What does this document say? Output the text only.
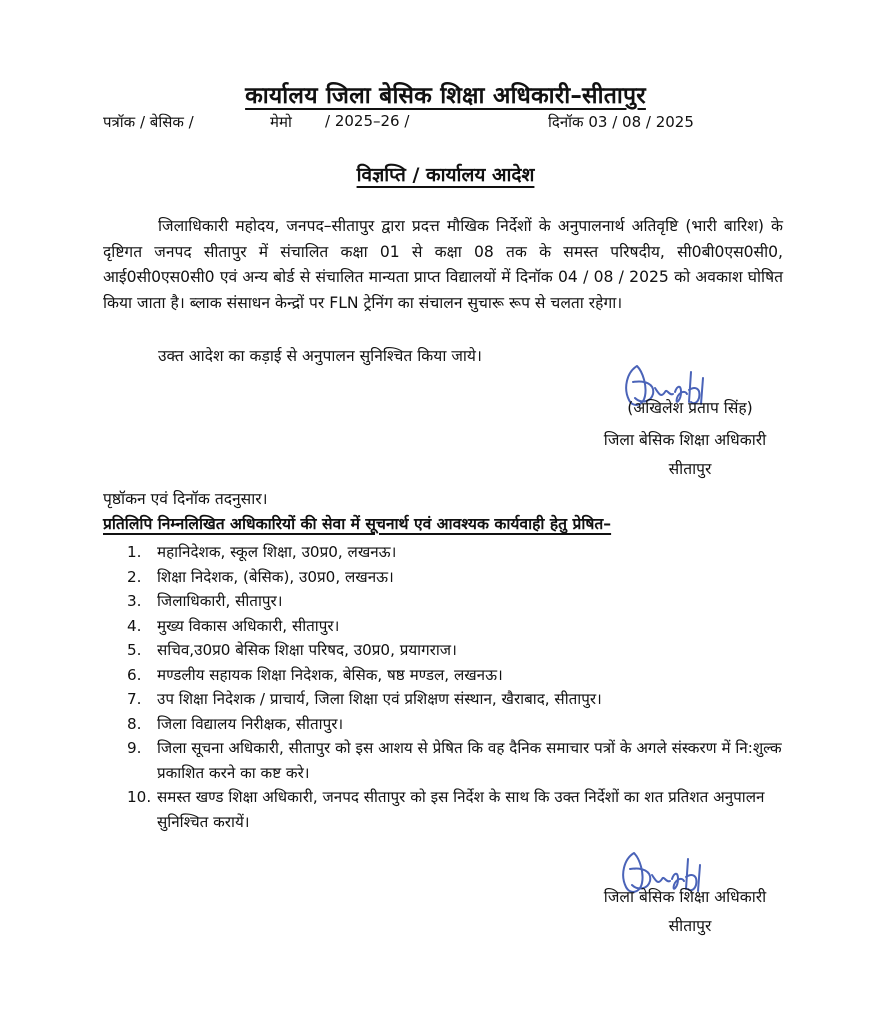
कार्यालय जिला बेसिक शिक्षा अधिकारी–सीतापुर
पत्रॉक / बेसिक /	मेमो / 2025–26 /	दिनॉक 03 / 08 / 2025
विज्ञप्ति / कार्यालय आदेश

जिलाधिकारी महोदय, जनपद–सीतापुर द्वारा प्रदत्त मौखिक निर्देशों के अनुपालनार्थ अतिवृष्टि (भारी बारिश) के दृष्टिगत जनपद सीतापुर में संचालित कक्षा 01 से कक्षा 08 तक के समस्त परिषदीय, सी0बी0एस0सी0, आई0सी0एस0सी0 एवं अन्य बोर्ड से संचालित मान्यता प्राप्त विद्यालयों में दिनॉक 04 / 08 / 2025 को अवकाश घोषित किया जाता है। ब्लाक संसाधन केन्द्रों पर FLN ट्रेनिंग का संचालन सुचारू रूप से चलता रहेगा।

उक्त आदेश का कड़ाई से अनुपालन सुनिश्चित किया जाये।
(अखिलेश प्रताप सिंह)
जिला बेसिक शिक्षा अधिकारी
सीतापुर
पृष्ठॉकन एवं दिनॉक तदनुसार।
प्रतिलिपि निम्नलिखित अधिकारियों की सेवा में सूचनार्थ एवं आवश्यक कार्यवाही हेतु प्रेषित–
1.	महानिदेशक, स्कूल शिक्षा, उ0प्र0, लखनऊ।
2.	शिक्षा निदेशक, (बेसिक), उ0प्र0, लखनऊ।
3.	जिलाधिकारी, सीतापुर।
4.	मुख्य विकास अधिकारी, सीतापुर।
5.	सचिव,उ0प्र0 बेसिक शिक्षा परिषद, उ0प्र0, प्रयागराज।
6.	मण्डलीय सहायक शिक्षा निदेशक, बेसिक, षष्ठ मण्डल, लखनऊ।
7.	उप शिक्षा निदेशक / प्राचार्य, जिला शिक्षा एवं प्रशिक्षण संस्थान, खैराबाद, सीतापुर।
8.	जिला विद्यालय निरीक्षक, सीतापुर।
9.	जिला सूचना अधिकारी, सीतापुर को इस आशय से प्रेषित कि वह दैनिक समाचार पत्रों के अगले संस्करण में नि:शुल्क प्रकाशित करने का कष्ट करे।
10. समस्त खण्ड शिक्षा अधिकारी, जनपद सीतापुर को इस निर्देश के साथ कि उक्त निर्देशों का शत प्रतिशत अनुपालन सुनिश्चित करायें।
जिला बेसिक शिक्षा अधिकारी
सीतापुर
